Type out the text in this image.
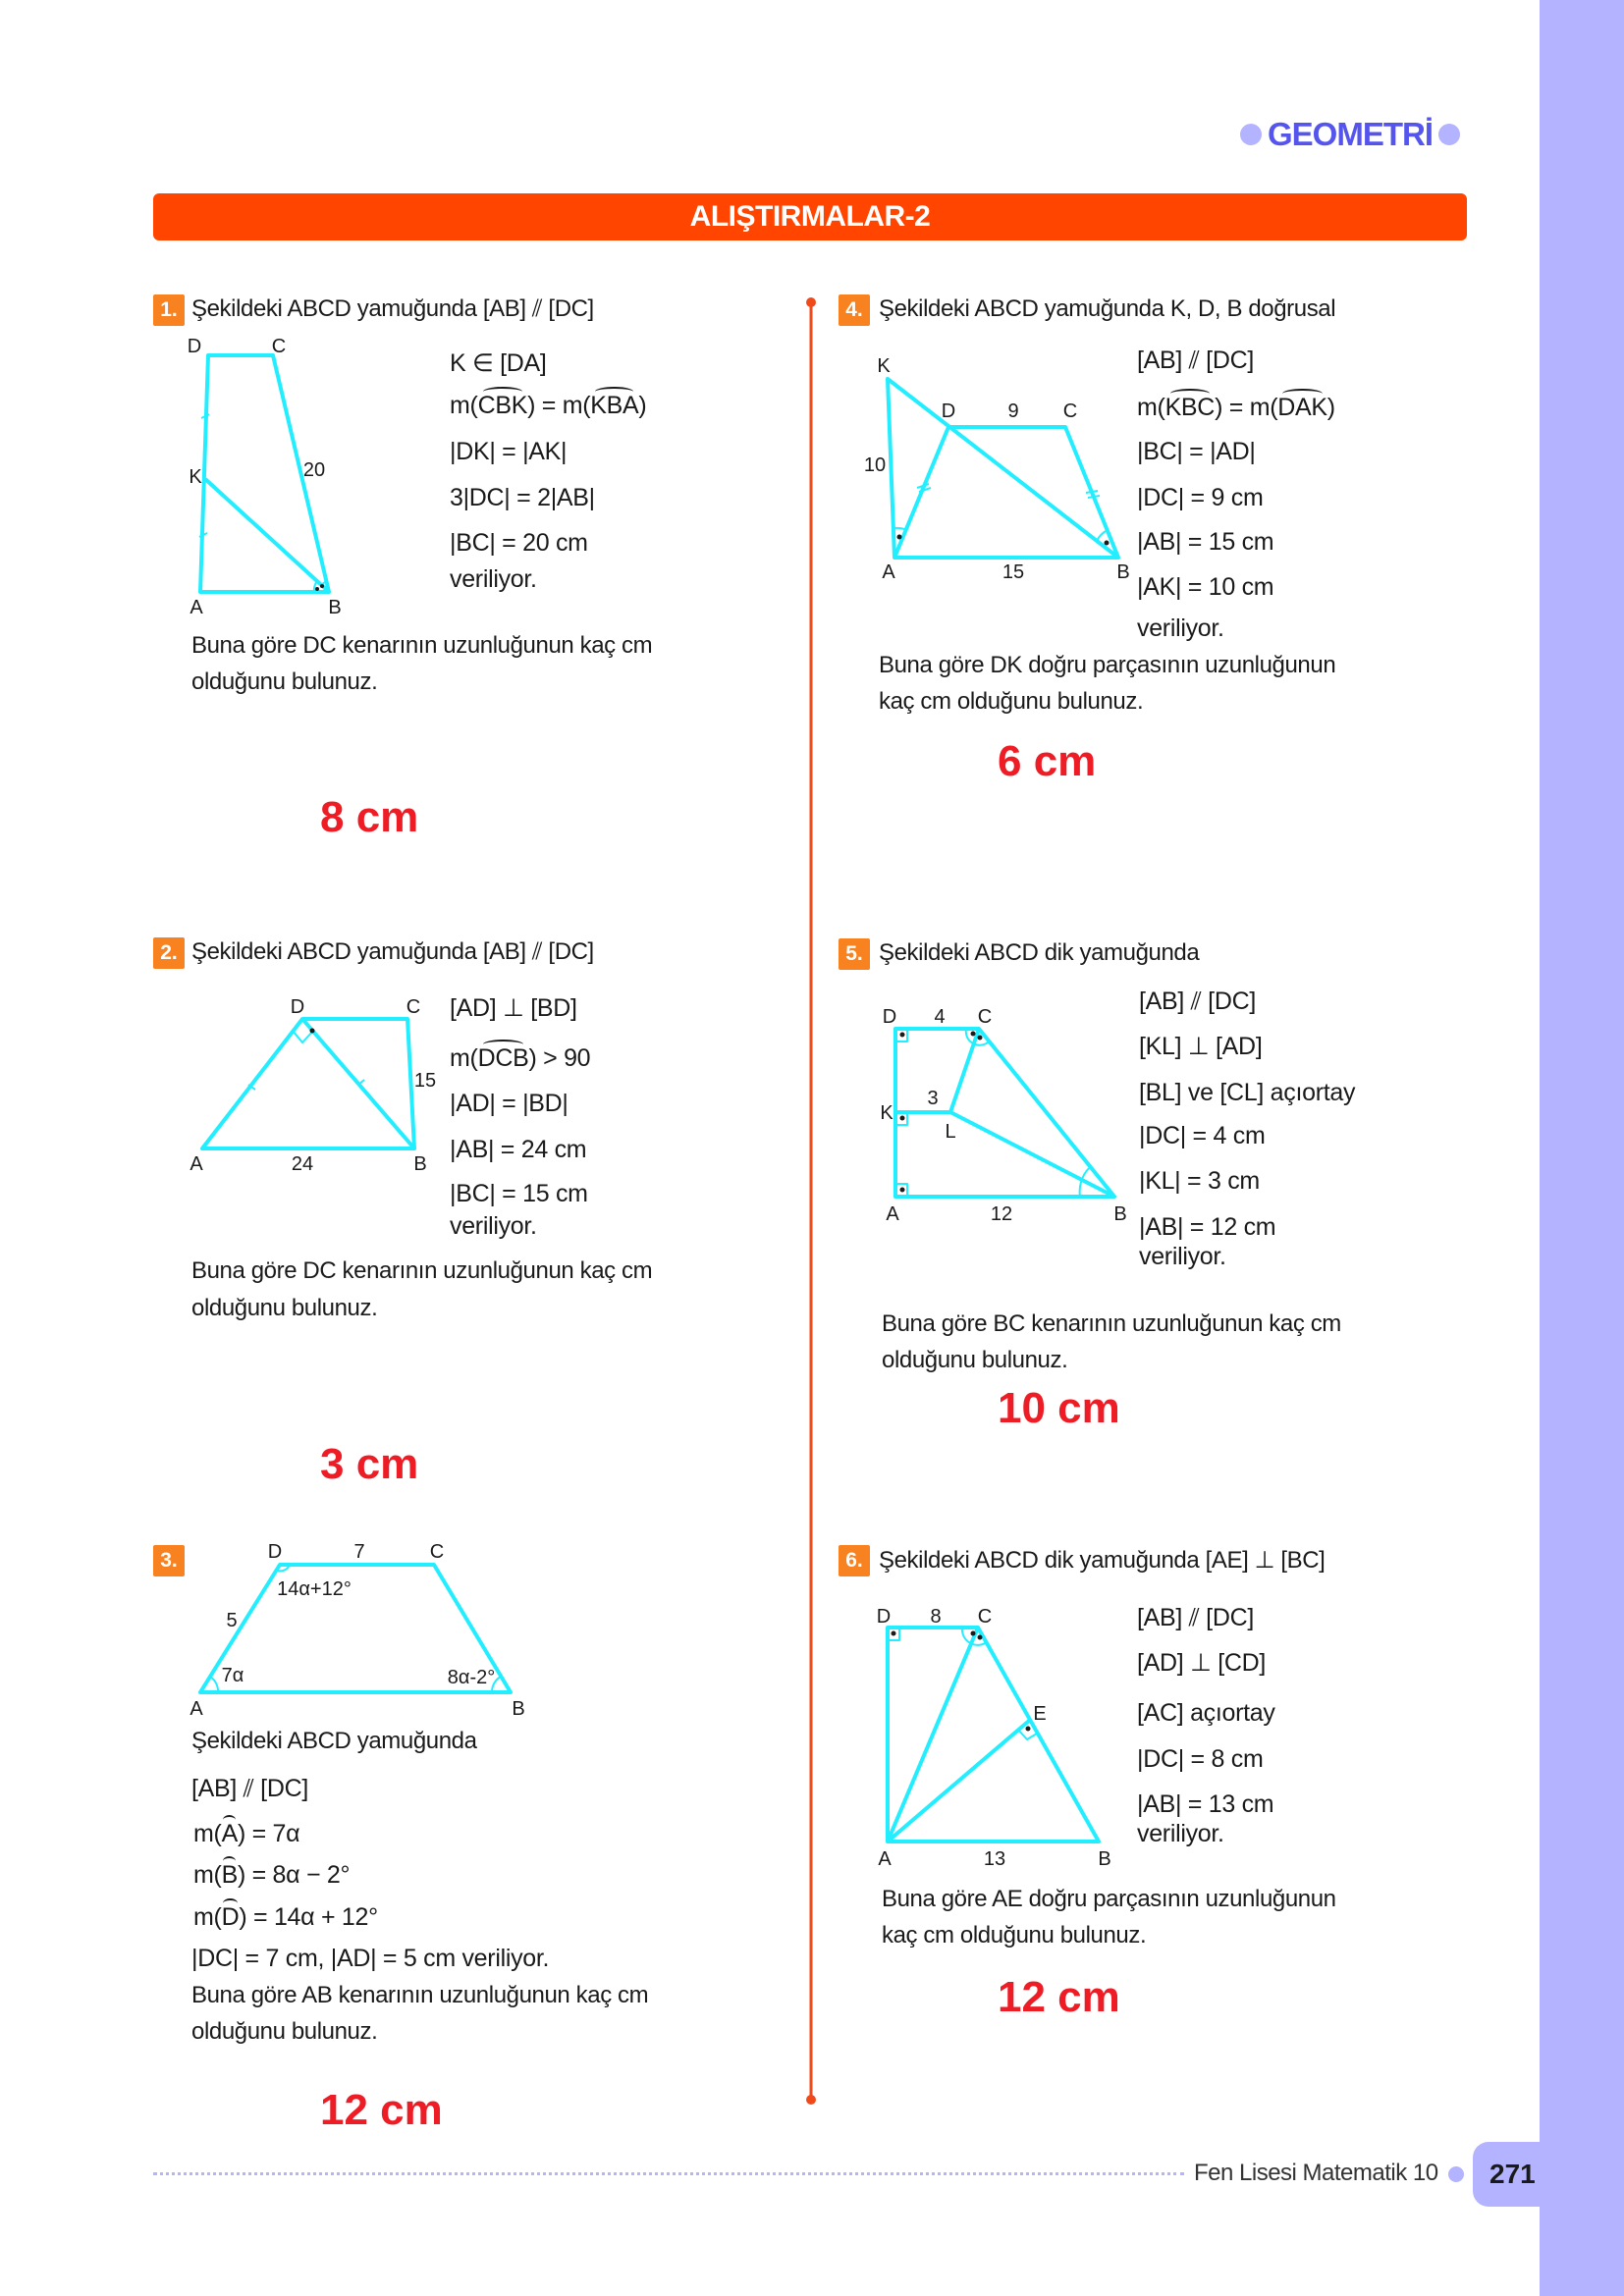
GEOMETRİ
ALIŞTIRMALAR-2
D	C
K	20
A	B
K
D	9 C
10
A	15	B
D	C
15
A	24	B
D	7	C
14α+12°
5
7α	8α-2°
A	B
D 4 C
3
K
L
A	12	B
D 8 C
E
A	13	B
1. Şekildeki ABCD yamuğunda [AB] ⫽ [DC]
K ∈ [DA]
m(CBK) = m(KBA)
|DK| = |AK|
3|DC| = 2|AB|
|BC| = 20 cm
veriliyor.
Buna göre DC kenarının uzunluğunun kaç cm
olduğunu bulunuz.
8 cm
2. Şekildeki ABCD yamuğunda [AB] ⫽ [DC]
[AD] ⊥ [BD]
m(DCB) > 90
|AD| = |BD|
|AB| = 24 cm
|BC| = 15 cm
veriliyor.
Buna göre DC kenarının uzunluğunun kaç cm
olduğunu bulunuz.
3 cm
3.
Şekildeki ABCD yamuğunda
[AB] ⫽ [DC]
m(A) = 7α
m(B) = 8α − 2°
m(D) = 14α + 12°
|DC| = 7 cm, |AD| = 5 cm veriliyor.
Buna göre AB kenarının uzunluğunun kaç cm
olduğunu bulunuz.
12 cm
4. Şekildeki ABCD yamuğunda K, D, B doğrusal
[AB] ⫽ [DC]
m(KBC) = m(DAK)
|BC| = |AD|
|DC| = 9 cm
|AB| = 15 cm
|AK| = 10 cm
veriliyor.
Buna göre DK doğru parçasının uzunluğunun
kaç cm olduğunu bulunuz.
6 cm
5. Şekildeki ABCD dik yamuğunda
[AB] ⫽ [DC]
[KL] ⊥ [AD]
[BL] ve [CL] açıortay
|DC| = 4 cm
|KL| = 3 cm
|AB| = 12 cm
veriliyor.
Buna göre BC kenarının uzunluğunun kaç cm
olduğunu bulunuz.
10 cm
6. Şekildeki ABCD dik yamuğunda [AE] ⊥ [BC]
[AB] ⫽ [DC]
[AD] ⊥ [CD]
[AC] açıortay
|DC| = 8 cm
|AB| = 13 cm
veriliyor.
Buna göre AE doğru parçasının uzunluğunun
kaç cm olduğunu bulunuz.
12 cm
Fen Lisesi Matematik 10 271
